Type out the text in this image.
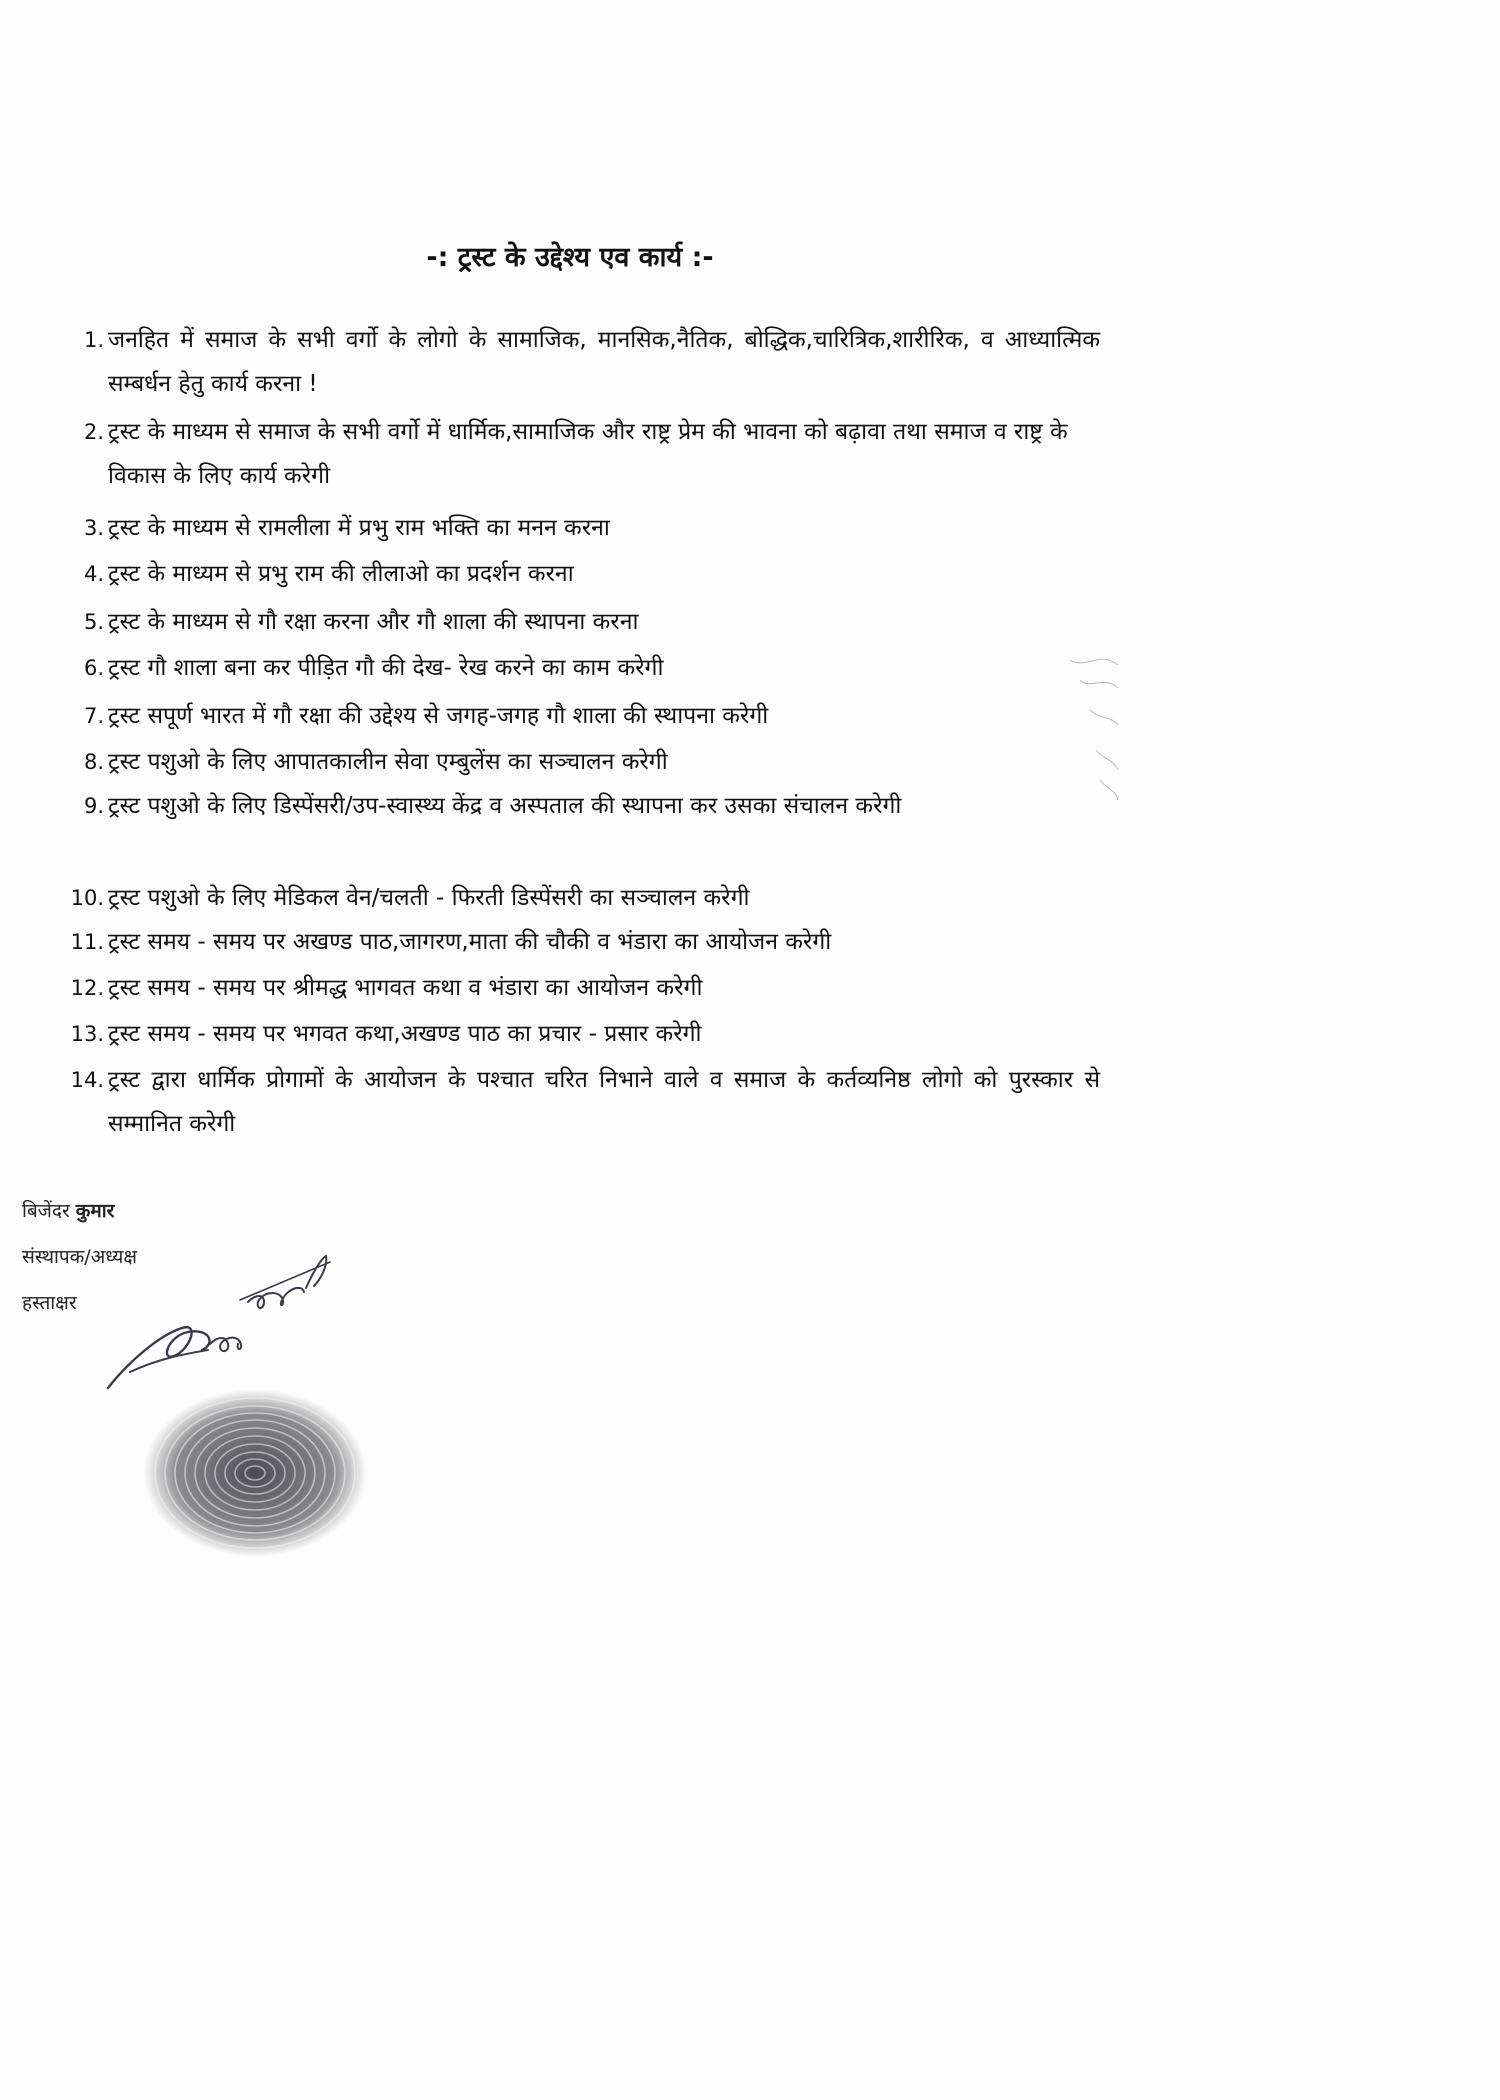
-: ट्रस्ट के उद्देश्य एव कार्य :-
1. जनहित में समाज के सभी वर्गो के लोगो के सामाजिक, मानसिक,नैतिक, बोद्धिक,चारित्रिक,शारीरिक, व आध्यात्मिक सम्बर्धन हेतु कार्य करना !
2. ट्रस्ट के माध्यम से समाज के सभी वर्गो में धार्मिक,सामाजिक और राष्ट्र प्रेम की भावना को बढ़ावा तथा समाज व राष्ट्र के विकास के लिए कार्य करेगी
3. ट्रस्ट के माध्यम से रामलीला में प्रभु राम भक्ति का मनन करना
4. ट्रस्ट के माध्यम से प्रभु राम की लीलाओ का प्रदर्शन करना
5. ट्रस्ट के माध्यम से गौ रक्षा करना और गौ शाला की स्थापना करना
6. ट्रस्ट गौ शाला बना कर पीड़ित गौ की देख- रेख करने का काम करेगी
7. ट्रस्ट सपूर्ण भारत में गौ रक्षा की उद्देश्य से जगह-जगह गौ शाला की स्थापना करेगी
8. ट्रस्ट पशुओ के लिए आपातकालीन सेवा एम्बुलेंस का सञ्चालन करेगी
9. ट्रस्ट पशुओ के लिए डिस्पेंसरी/उप-स्वास्थ्य केंद्र व अस्पताल की स्थापना कर उसका संचालन करेगी
10. ट्रस्ट पशुओ के लिए मेडिकल वेन/चलती - फिरती डिस्पेंसरी का सञ्चालन करेगी
11. ट्रस्ट समय - समय पर अखण्ड पाठ,जागरण,माता की चौकी व भंडारा का आयोजन करेगी
12. ट्रस्ट समय - समय पर श्रीमद्ध भागवत कथा व भंडारा का आयोजन करेगी
13. ट्रस्ट समय - समय पर भगवत कथा,अखण्ड पाठ का प्रचार - प्रसार करेगी
14. ट्रस्ट द्वारा धार्मिक प्रोगामों के आयोजन के पश्चात चरित निभाने वाले व समाज के कर्तव्यनिष्ठ लोगो को पुरस्कार से सम्मानित करेगी
बिजेंदर कुमार
संस्थापक/अध्यक्ष
हस्ताक्षर
